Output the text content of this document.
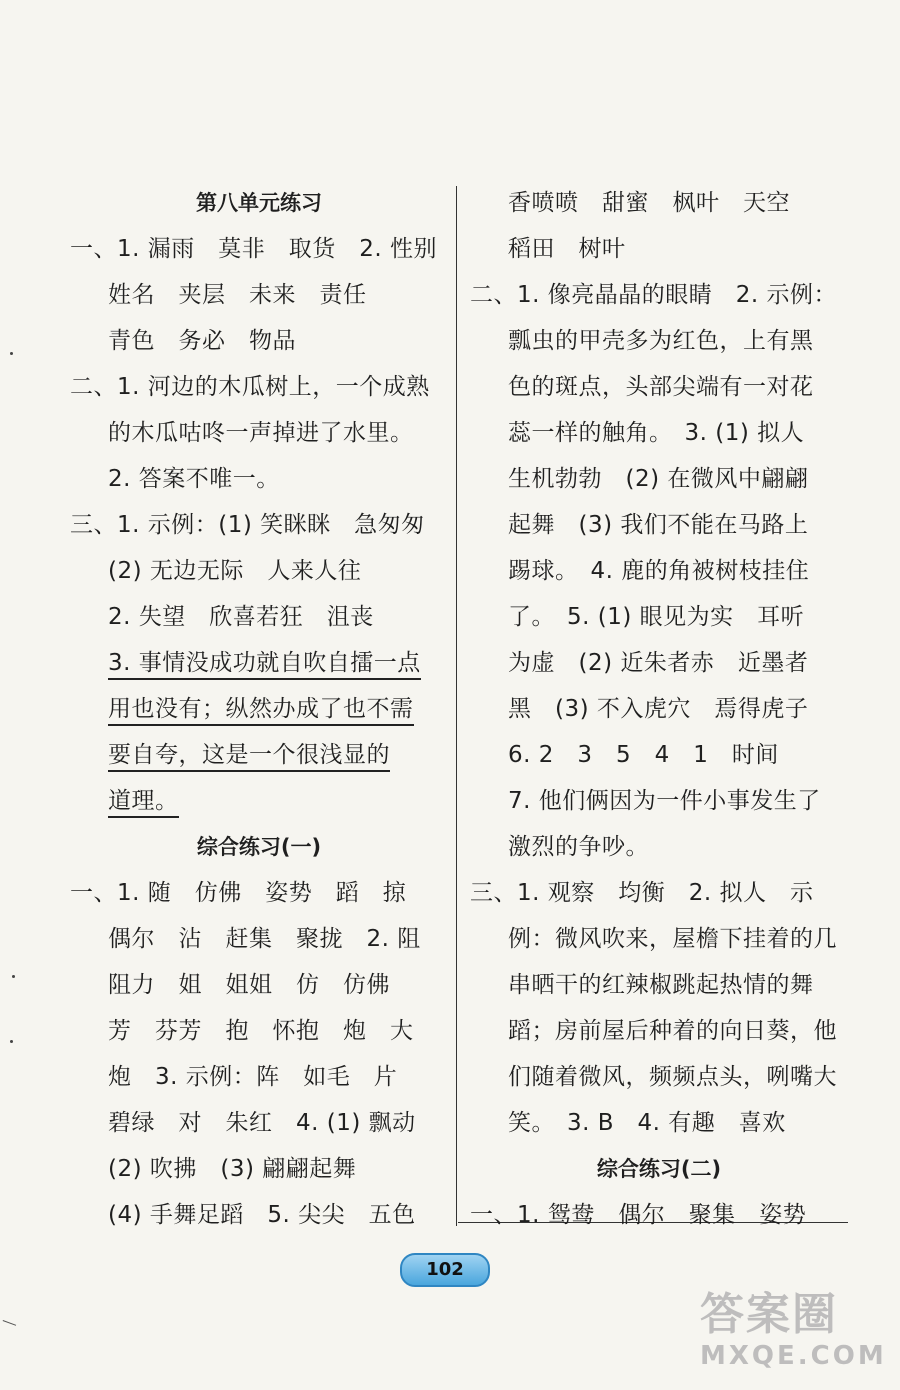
第八单元练习
一、1. 漏雨　莫非　取货　2. 性别
姓名　夹层　未来　责任
青色　务必　物品
二、1. 河边的木瓜树上，一个成熟
的木瓜咕咚一声掉进了水里。
2. 答案不唯一。
三、1. 示例：(1) 笑眯眯　急匆匆
(2) 无边无际　人来人往
2. 失望　欣喜若狂　沮丧
3. 事情没成功就自吹自擂一点
用也没有；纵然办成了也不需
要自夸，这是一个很浅显的
道理。
综合练习(一)
一、1. 随　仿佛　姿势　蹈　掠
偶尔　沾　赶集　聚拢　2. 阻
阻力　姐　姐姐　仿　仿佛
芳　芬芳　抱　怀抱　炮　大
炮　3. 示例：阵　如毛　片
碧绿　对　朱红　4. (1) 飘动
(2) 吹拂　(3) 翩翩起舞
(4) 手舞足蹈　5. 尖尖　五色
香喷喷　甜蜜　枫叶　天空
稻田　树叶
二、1. 像亮晶晶的眼睛　2. 示例：
瓢虫的甲壳多为红色，上有黑
色的斑点，头部尖端有一对花
蕊一样的触角。　3. (1) 拟人
生机勃勃　(2) 在微风中翩翩
起舞　(3) 我们不能在马路上
踢球。　4. 鹿的角被树枝挂住
了。　5. (1) 眼见为实　耳听
为虚　(2) 近朱者赤　近墨者
黑　(3) 不入虎穴　焉得虎子
6. 2　3　5　4　1　时间
7. 他们俩因为一件小事发生了
激烈的争吵。
三、1. 观察　均衡　2. 拟人　示
例：微风吹来，屋檐下挂着的几
串晒干的红辣椒跳起热情的舞
蹈；房前屋后种着的向日葵，他
们随着微风，频频点头，咧嘴大
笑。　3. B　4. 有趣　喜欢
综合练习(二)
一、1. 鸳鸯　偶尔　聚集　姿势
102
答案圈
MXQE.COM
